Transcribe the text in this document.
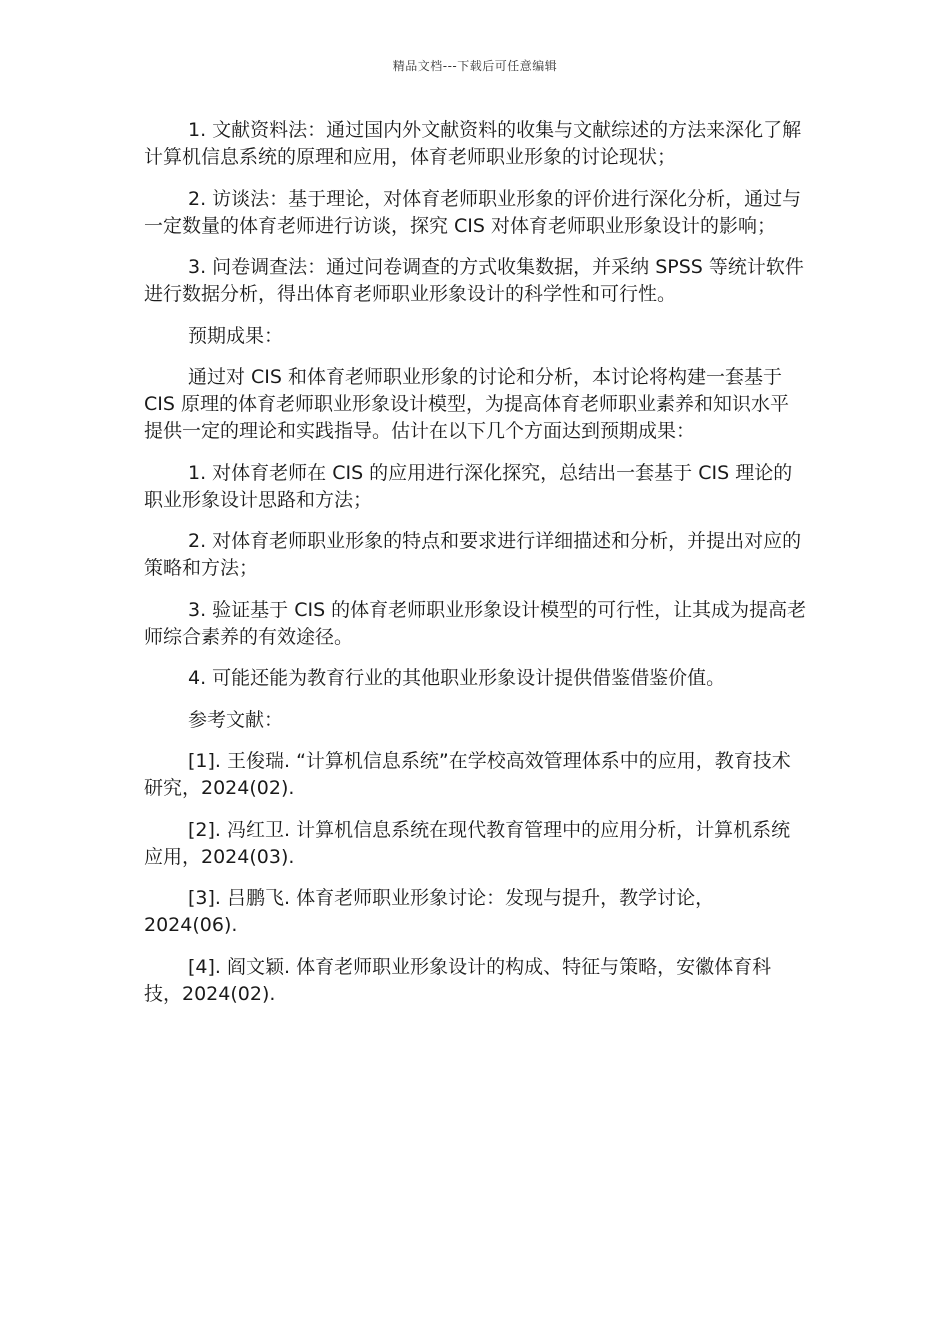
精品文档---下载后可任意编辑

1. 文献资料法：通过国内外文献资料的收集与文献综述的方法来深化了解计算机信息系统的原理和应用，体育老师职业形象的讨论现状；

2. 访谈法：基于理论，对体育老师职业形象的评价进行深化分析，通过与一定数量的体育老师进行访谈，探究 CIS 对体育老师职业形象设计的影响；

3. 问卷调查法：通过问卷调查的方式收集数据，并采纳 SPSS 等统计软件进行数据分析，得出体育老师职业形象设计的科学性和可行性。

预期成果：

通过对 CIS 和体育老师职业形象的讨论和分析，本讨论将构建一套基于 CIS 原理的体育老师职业形象设计模型，为提高体育老师职业素养和知识水平提供一定的理论和实践指导。估计在以下几个方面达到预期成果：

1. 对体育老师在 CIS 的应用进行深化探究，总结出一套基于 CIS 理论的职业形象设计思路和方法；

2. 对体育老师职业形象的特点和要求进行详细描述和分析，并提出对应的策略和方法；

3. 验证基于 CIS 的体育老师职业形象设计模型的可行性，让其成为提高老师综合素养的有效途径。

4. 可能还能为教育行业的其他职业形象设计提供借鉴借鉴价值。

参考文献：

[1]. 王俊瑞. “计算机信息系统”在学校高效管理体系中的应用，教育技术研究，2024(02).

[2]. 冯红卫. 计算机信息系统在现代教育管理中的应用分析，计算机系统应用，2024(03).

[3]. 吕鹏飞. 体育老师职业形象讨论：发现与提升，教学讨论，2024(06).

[4]. 阎文颖. 体育老师职业形象设计的构成、特征与策略，安徽体育科技，2024(02).
